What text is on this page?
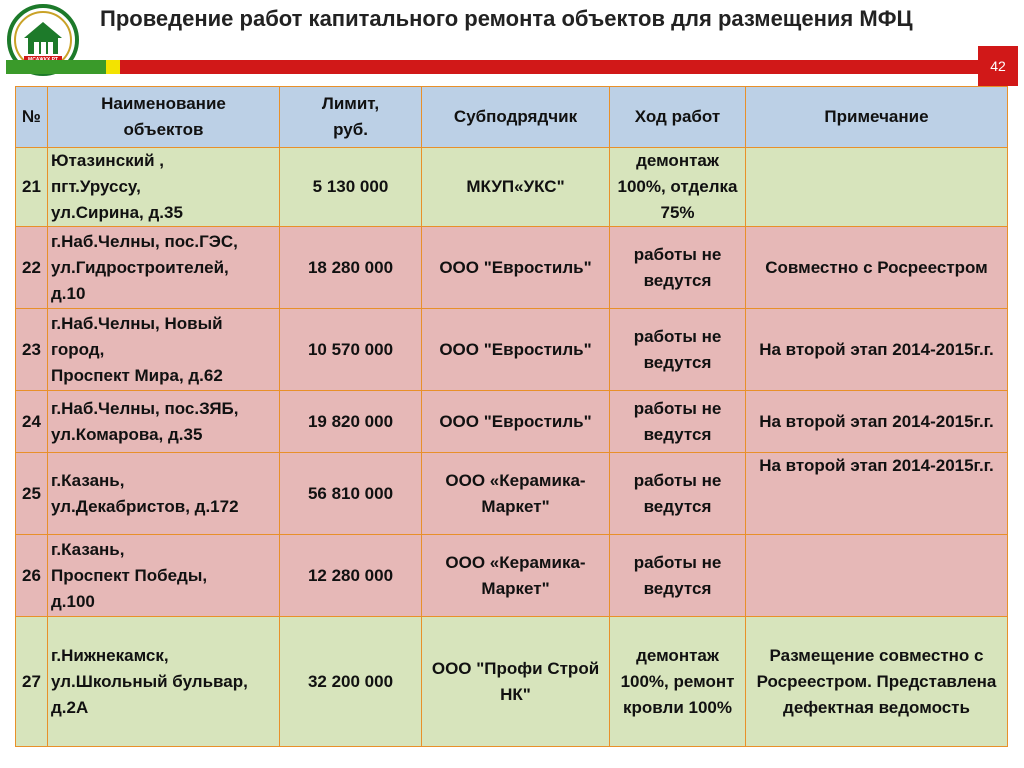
Проведение работ капитального ремонта объектов для размещения МФЦ
42
№	Наименование объектов	Лимит, руб.	Субподрядчик	Ход работ	Примечание
21	Ютазинский ,
пгт.Уруссу,
ул.Сирина, д.35	5 130 000	МКУП«УКС"	демонтаж 100%, отделка 75%	
22	г.Наб.Челны, пос.ГЭС,
ул.Гидростроителей,
д.10	18 280 000	ООО "Евростиль"	работы не ведутся	Совместно с Росреестром
23	г.Наб.Челны, Новый
город,
Проспект Мира, д.62	10 570 000	ООО "Евростиль"	работы не ведутся	На второй этап 2014-2015г.г.
24	г.Наб.Челны, пос.ЗЯБ,
ул.Комарова, д.35	19 820 000	ООО "Евростиль"	работы не ведутся	На второй этап 2014-2015г.г.
25	г.Казань,
ул.Декабристов, д.172	56 810 000	ООО «Керамика-Маркет"	работы не ведутся	На второй этап 2014-2015г.г.
26	г.Казань,
Проспект Победы,
д.100	12 280 000	ООО «Керамика-Маркет"	работы не ведутся	
27	г.Нижнекамск,
ул.Школьный бульвар,
д.2А	32 200 000	ООО "Профи Строй НК"	демонтаж 100%, ремонт кровли 100%	Размещение совместно с Росреестром. Представлена дефектная ведомость
